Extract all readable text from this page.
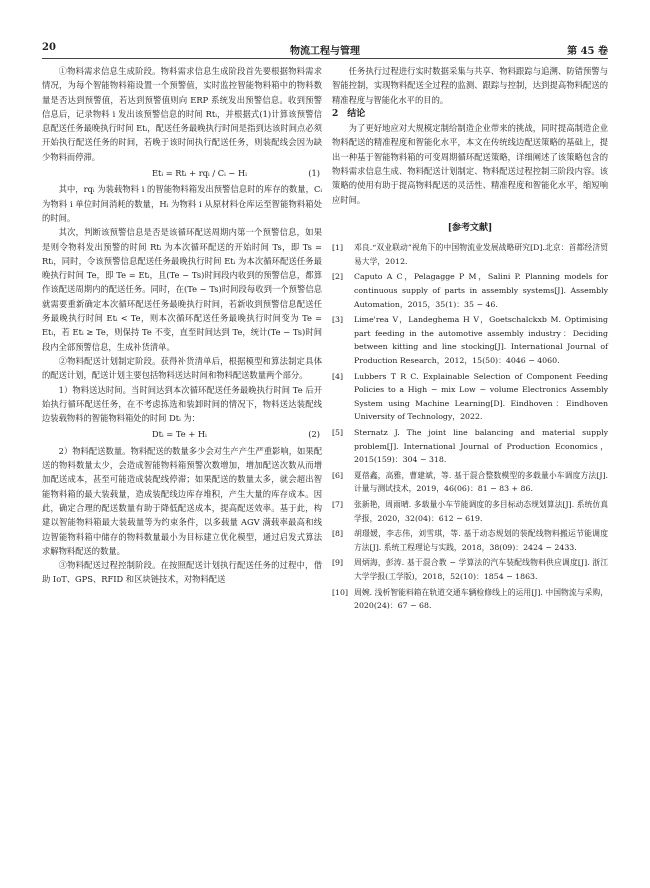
20	物流工程与管理	第 45 卷

①物料需求信息生成阶段。物料需求信息生成阶段首先要根据物料需求情况，为每个智能物料箱设置一个预警值，实时监控智能物料箱中的物料数量是否达到预警值，若达到预警值则向 ERP 系统发出预警信息。收到预警信息后，记录物料 i 发出该预警信息的时间 Rtᵢ，并根据式(1)计算该预警信息配送任务最晚执行时间 Etᵢ，配送任务最晚执行时间是指到达该时间点必须开始执行配送任务的时间，若晚于该时间执行配送任务，则装配线会因为缺少物料而停滞。

Etᵢ = Rtᵢ + rqᵢ / Cᵢ − Hᵢ	(1)

其中，rqᵢ 为装载物料 i 的智能物料箱发出预警信息时的库存的数量，Cᵢ 为物料 i 单位时间消耗的数量，Hᵢ 为物料 i 从原材料仓库运至智能物料箱处的时间。

其次，判断该预警信息是否是该循环配送周期内第一个预警信息，如果是则令物料发出预警的时间 Rtᵢ 为本次循环配送的开始时间 Ts，即 Ts = Rtᵢ，同时，令该预警信息配送任务最晚执行时间 Etᵢ 为本次循环配送任务最晚执行时间 Te，即 Te = Etᵢ，且(Te − Ts)时间段内收到的预警信息，都算作该配送周期内的配送任务。同时，在(Te − Ts)时间段每收到一个预警信息就需要重新确定本次循环配送任务最晚执行时间，若新收到预警信息配送任务最晚执行时间 Etᵢ < Te，则本次循环配送任务最晚执行时间变为 Te = Etᵢ，若 Etᵢ ≥ Te，则保持 Te 不变，直至时间达到 Te，统计(Te − Ts)时间段内全部预警信息，生成补货清单。

②物料配送计划制定阶段。获得补货清单后，根据模型和算法制定具体的配送计划，配送计划主要包括物料送达时间和物料配送数量两个部分。

1）物料送达时间。当时间达到本次循环配送任务最晚执行时间 Te 后开始执行循环配送任务，在不考虑拣选和装卸时间的情况下，物料送达装配线边装载物料的智能物料箱处的时间 Dtᵢ 为：

Dtᵢ = Te + Hᵢ	(2)

2）物料配送数量。物料配送的数量多少会对生产产生严重影响，如果配送的物料数量太少，会造成智能物料箱预警次数增加，增加配送次数从而增加配送成本，甚至可能造成装配线停滞；如果配送的数量太多，就会超出智能物料箱的最大装载量，造成装配线边库存堆积，产生大量的库存成本。因此，确定合理的配送数量有助于降低配送成本，提高配送效率。基于此，构建以智能物料箱最大装载量等为约束条件，以多载量 AGV 满载率最高和线边智能物料箱中储存的物料数量最小为目标建立优化模型，通过启发式算法求解物料配送的数量。

③物料配送过程控制阶段。在按照配送计划执行配送任务的过程中，借助 IoT、GPS、RFID 和区块链技术，对物料配送

任务执行过程进行实时数据采集与共享、物料跟踪与追溯、防错预警与智能控制，实现物料配送全过程的监测、跟踪与控制，达到提高物料配送的精准程度与智能化水平的目的。

2　结论

为了更好地应对大规模定制给制造企业带来的挑战，同时提高制造企业物料配送的精准程度和智能化水平，本文在传统线边配送策略的基础上，提出一种基于智能物料箱的可变周期循环配送策略，详细阐述了该策略包含的物料需求信息生成、物料配送计划制定、物料配送过程控制三阶段内容。该策略的使用有助于提高物料配送的灵活性、精准程度和智能化水平，缩短响应时间。

[参考文献]
[1]	邓良.“双业联动”视角下的中国物流业发展战略研究[D].北京：首都经济贸易大学，2012.
[2]	Caputo A C，Pelagagge P M，Salini P. Planning models for continuous supply of parts in assembly systems[J]. Assembly Automation，2015，35(1)：35 − 46.
[3]	Lime'rea V，Landeghema H V，Goetschalckxb M. Optimising part feeding in the automotive assembly industry：Deciding between kitting and line stocking[J]. International Journal of Production Research，2012，15(50)：4046 − 4060.
[4]	Lubbers T R C. Explainable Selection of Component Feeding Policies to a High − mix Low − volume Electronics Assembly System using Machine Learning[D]. Eindhoven：Eindhoven University of Technology，2022.
[5]	Sternatz J. The joint line balancing and material supply problem[J]. International Journal of Production Economics，2015(159)：304 − 318.
[6]	夏蓓鑫，高雅，曹建斌，等. 基于混合整数模型的多载量小车调度方法[J]. 计量与测试技术，2019，46(06)：81 − 83 + 86.
[7]	张新艳，周雨晴. 多载量小车节能调度的多目标动态规划算法[J]. 系统仿真学报，2020，32(04)：612 − 619.
[8]	胡璟媛，李志伟，刘雪琪，等. 基于动态规划的装配线物料搬运节能调度方法[J]. 系统工程理论与实践，2018，38(09)：2424 − 2433.
[9]	周炳海，彭涛. 基于混合教 − 学算法的汽车装配线物料供应调度[J]. 浙江大学学报(工学版)，2018，52(10)：1854 − 1863.
[10] 周婉. 浅析智能料箱在轨道交通车辆检修线上的运用[J]. 中国物流与采购，2020(24)：67 − 68.
